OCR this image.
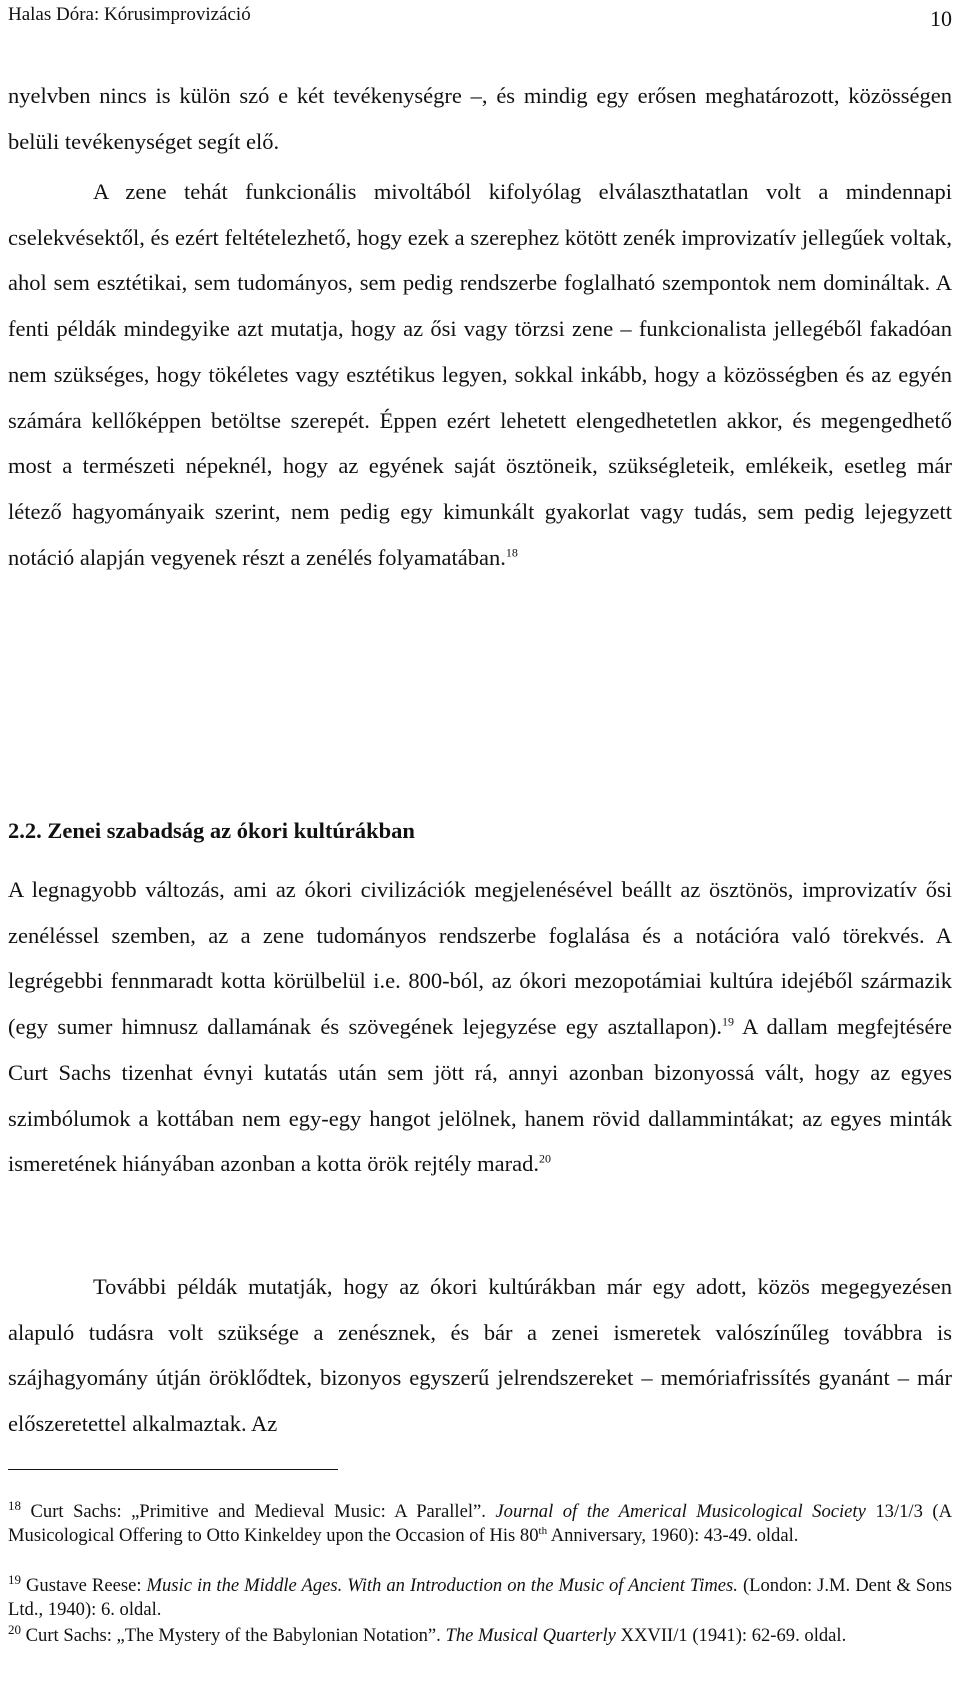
Halas Dóra: Kórusimprovizáció	10

nyelvben nincs is külön szó e két tevékenységre –, és mindig egy erősen meghatározott, közösségen belüli tevékenységet segít elő.

A zene tehát funkcionális mivoltából kifolyólag elválaszthatatlan volt a mindennapi cselekvésektől, és ezért feltételezhető, hogy ezek a szerephez kötött zenék improvizatív jellegűek voltak, ahol sem esztétikai, sem tudományos, sem pedig rendszerbe foglalható szempontok nem domináltak. A fenti példák mindegyike azt mutatja, hogy az ősi vagy törzsi zene – funkcionalista jellegéből fakadóan nem szükséges, hogy tökéletes vagy esztétikus legyen, sokkal inkább, hogy a közösségben és az egyén számára kellőképpen betöltse szerepét. Éppen ezért lehetett elengedhetetlen akkor, és megengedhető most a természeti népeknél, hogy az egyének saját ösztöneik, szükségleteik, emlékeik, esetleg már létező hagyományaik szerint, nem pedig egy kimunkált gyakorlat vagy tudás, sem pedig lejegyzett notáció alapján vegyenek részt a zenélés folyamatában.$^{18}$

2.2. Zenei szabadság az ókori kultúrákban

A legnagyobb változás, ami az ókori civilizációk megjelenésével beállt az ösztönös, improvizatív ősi zenéléssel szemben, az a zene tudományos rendszerbe foglalása és a notációra való törekvés. A legrégebbi fennmaradt kotta körülbelül i.e. 800-ból, az ókori mezopotámiai kultúra idejéből származik (egy sumer himnusz dallamának és szövegének lejegyzése egy asztallapon).$^{19}$ A dallam megfejtésére Curt Sachs tizenhat évnyi kutatás után sem jött rá, annyi azonban bizonyossá vált, hogy az egyes szimbólumok a kottában nem egy-egy hangot jelölnek, hanem rövid dallammintákat; az egyes minták ismeretének hiányában azonban a kotta örök rejtély marad.$^{20}$

További példák mutatják, hogy az ókori kultúrákban már egy adott, közös megegyezésen alapuló tudásra volt szüksége a zenésznek, és bár a zenei ismeretek valószínűleg továbbra is szájhagyomány útján öröklődtek, bizonyos egyszerű jelrendszereket – memóriafrissítés gyanánt – már előszeretettel alkalmaztak. Az

$^{18}$ Curt Sachs: „Primitive and Medieval Music: A Parallel”. Journal of the Americal Musicological Society 13/1/3 (A Musicological Offering to Otto Kinkeldey upon the Occasion of His 80th Anniversary, 1960): 43-49. oldal.

$^{19}$ Gustave Reese: Music in the Middle Ages. With an Introduction on the Music of Ancient Times. (London: J.M. Dent & Sons Ltd., 1940): 6. oldal.

$^{20}$ Curt Sachs: „The Mystery of the Babylonian Notation”. The Musical Quarterly XXVII/1 (1941): 62-69. oldal.
